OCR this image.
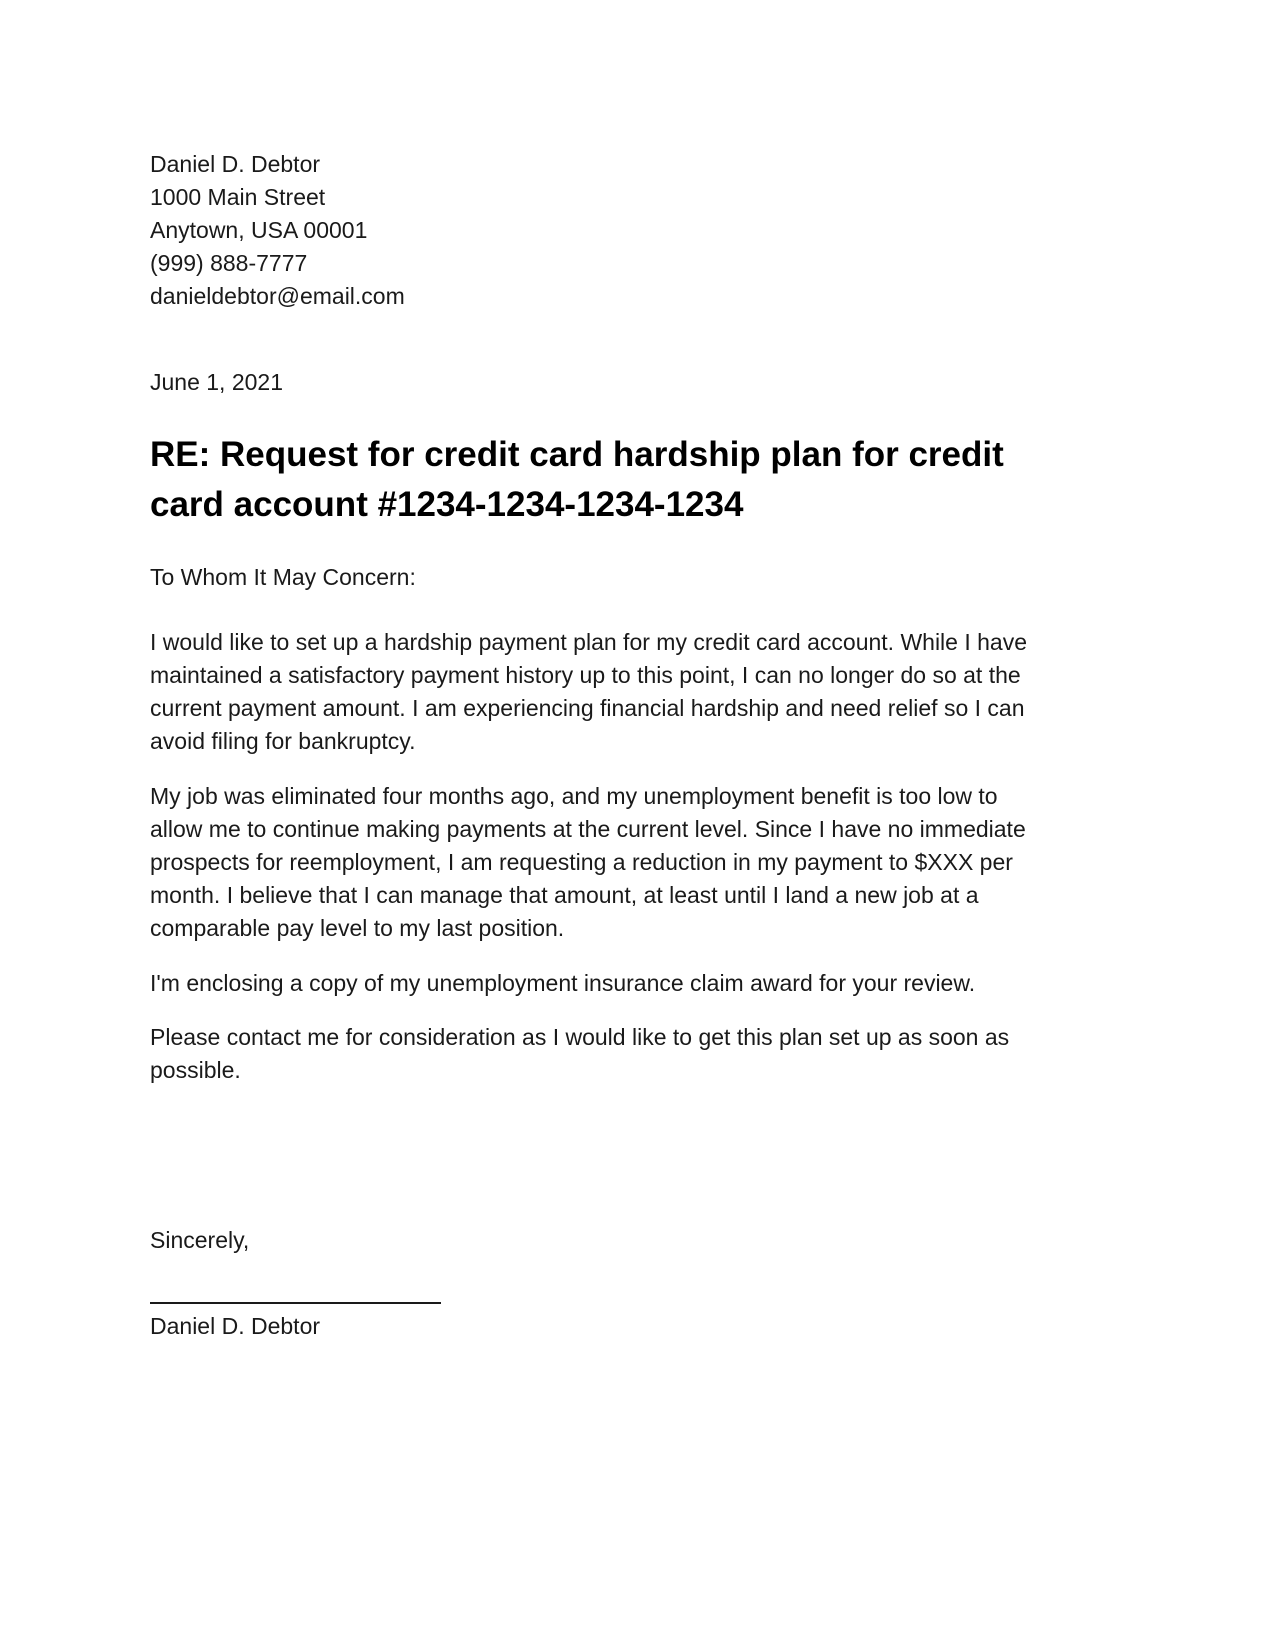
Daniel D. Debtor
1000 Main Street
Anytown, USA 00001
(999) 888-7777
danieldebtor@email.com
June 1, 2021
RE: Request for credit card hardship plan for credit
card account #1234-1234-1234-1234
To Whom It May Concern:
I would like to set up a hardship payment plan for my credit card account. While I have
maintained a satisfactory payment history up to this point, I can no longer do so at the
current payment amount. I am experiencing financial hardship and need relief so I can
avoid filing for bankruptcy.
My job was eliminated four months ago, and my unemployment benefit is too low to
allow me to continue making payments at the current level. Since I have no immediate
prospects for reemployment, I am requesting a reduction in my payment to $XXX per
month. I believe that I can manage that amount, at least until I land a new job at a
comparable pay level to my last position.
I'm enclosing a copy of my unemployment insurance claim award for your review.
Please contact me for consideration as I would like to get this plan set up as soon as
possible.
Sincerely,
Daniel D. Debtor
